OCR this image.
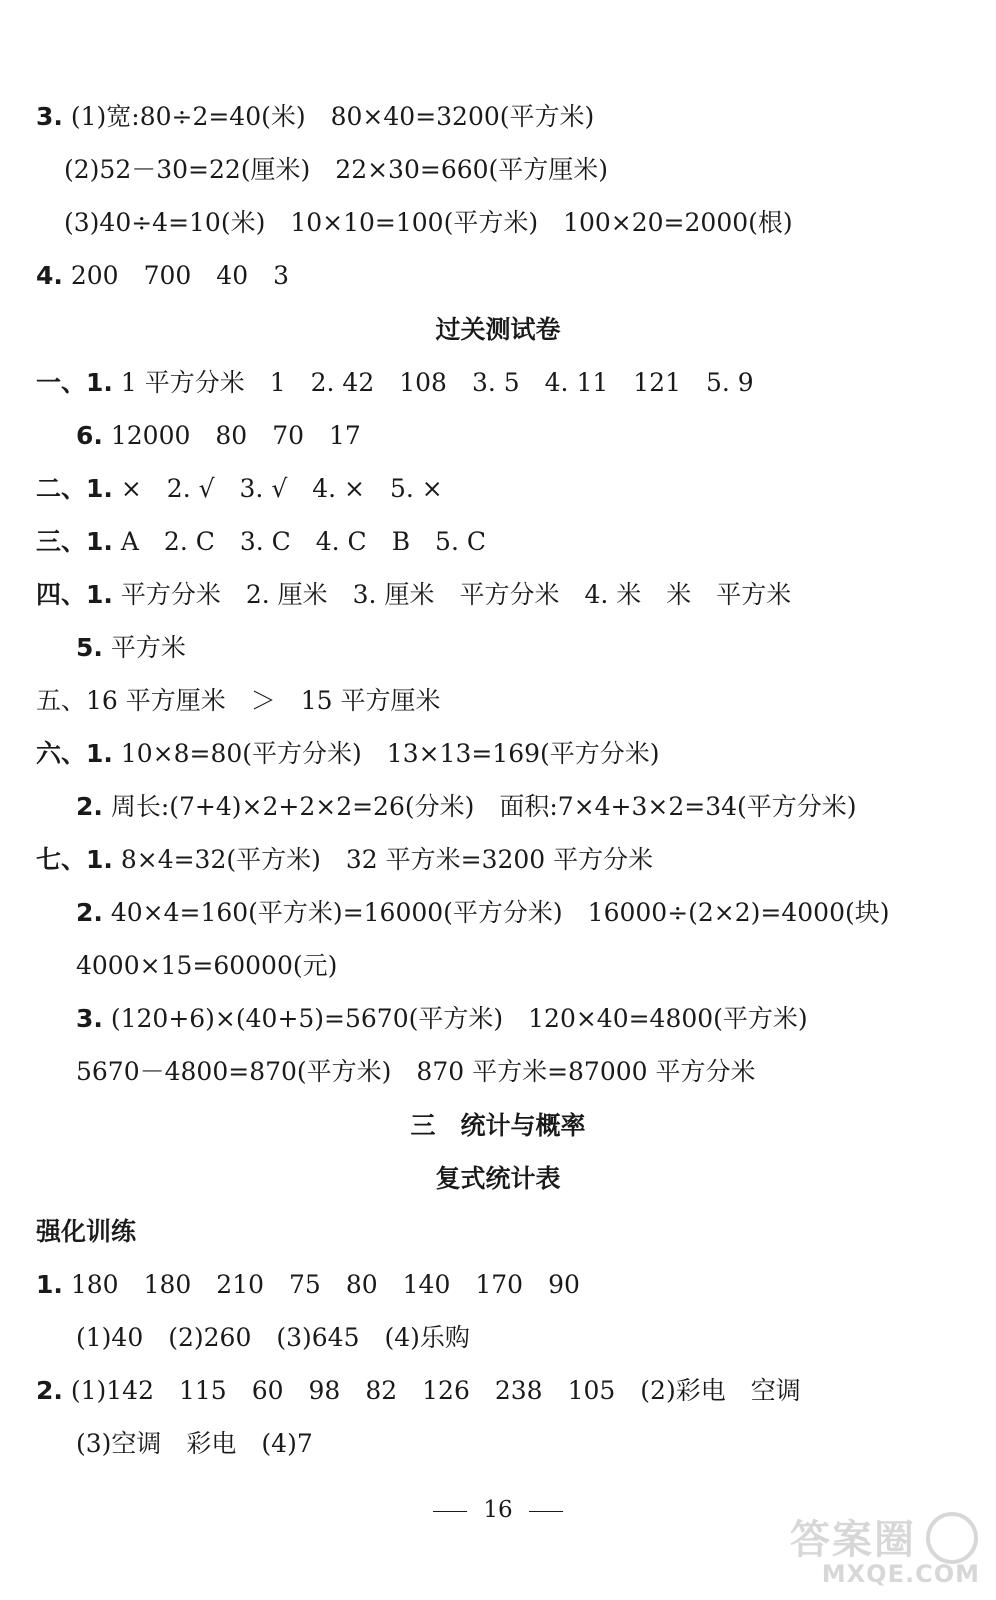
3. (1)宽:80÷2=40(米)　80×40=3200(平方米)
(2)52－30=22(厘米)　22×30=660(平方厘米)
(3)40÷4=10(米)　10×10=100(平方米)　100×20=2000(根)
4. 200　700　40　3
过关测试卷
一、1. 1 平方分米　1　2. 42　108　3. 5　4. 11　121　5. 9
6. 12000　80　70　17
二、1. ×　2. √　3. √　4. ×　5. ×
三、1. A　2. C　3. C　4. C　B　5. C
四、1. 平方分米　2. 厘米　3. 厘米　平方分米　4. 米　米　平方米
5. 平方米
五、16 平方厘米　＞　15 平方厘米
六、1. 10×8=80(平方分米)　13×13=169(平方分米)
2. 周长:(7+4)×2+2×2=26(分米)　面积:7×4+3×2=34(平方分米)
七、1. 8×4=32(平方米)　32 平方米=3200 平方分米
2. 40×4=160(平方米)=16000(平方分米)　16000÷(2×2)=4000(块)
4000×15=60000(元)
3. (120+6)×(40+5)=5670(平方米)　120×40=4800(平方米)
5670－4800=870(平方米)　870 平方米=87000 平方分米
三　统计与概率
复式统计表
强化训练
1. 180　180　210　75　80　140　170　90
(1)40　(2)260　(3)645　(4)乐购
2. (1)142　115　60　98　82　126　238　105　(2)彩电　空调
(3)空调　彩电　(4)7
16
答案圈
MXQE.COM
